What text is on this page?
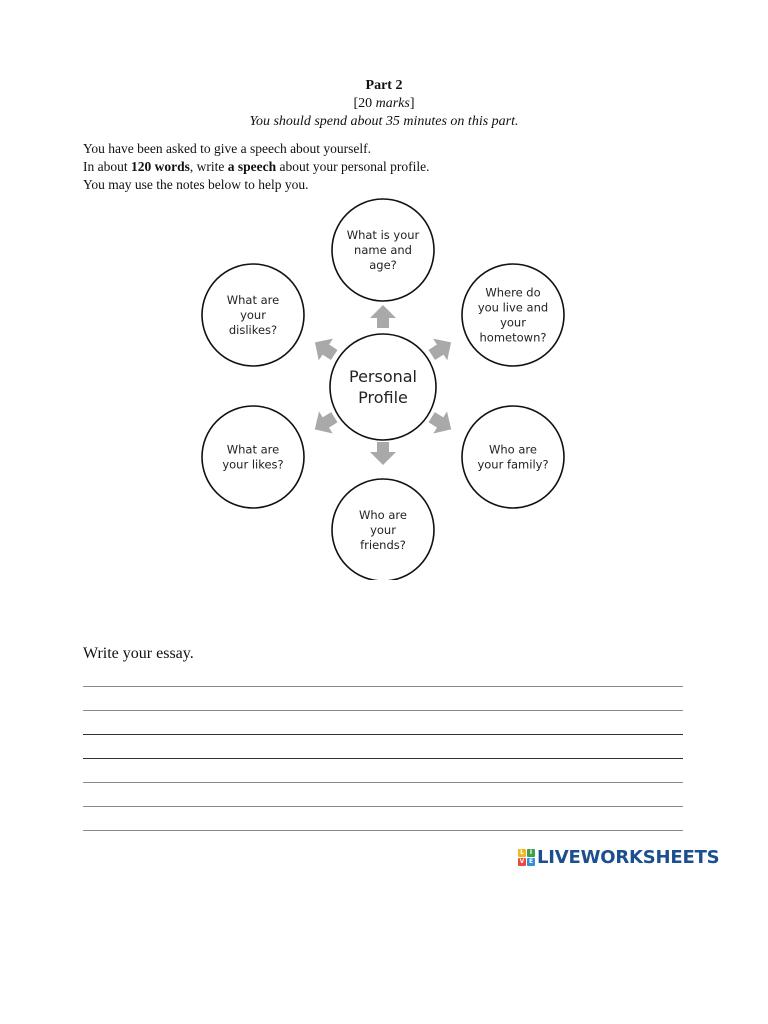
Part 2
[20 marks]
You should spend about 35 minutes on this part.
You have been asked to give a speech about yourself.
In about 120 words, write a speech about your personal profile.
You may use the notes below to help you.
Personal Profile
What is your name and age?
Where do you live and your hometown?
Who are your family?
Who are your friends?
What are your likes?
What are your dislikes?
Write your essay.
L I
V E LIVEWORKSHEETS
